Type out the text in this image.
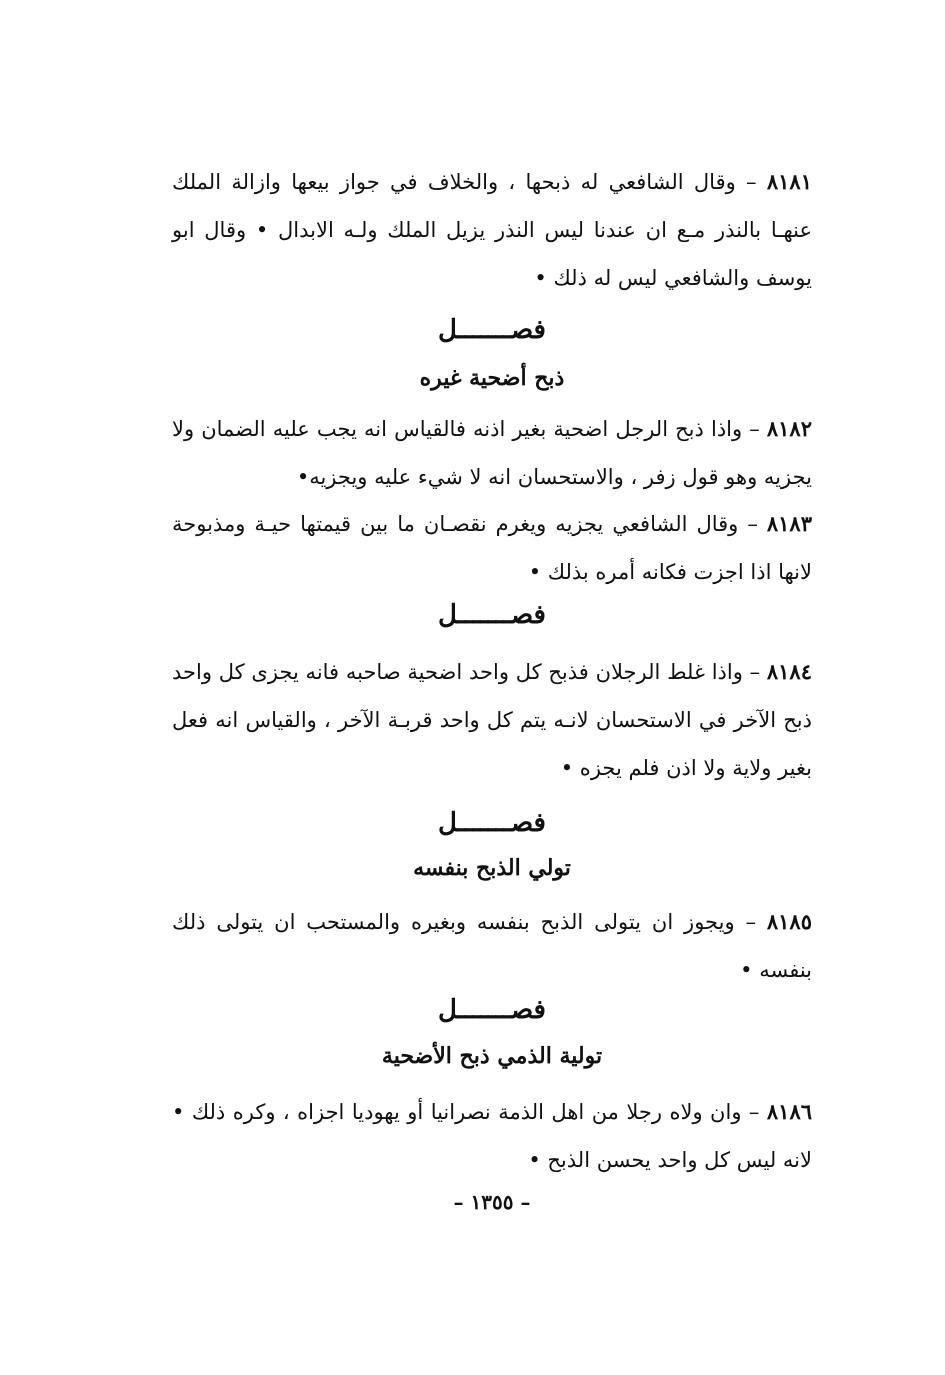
٨١٨١ – وقال الشافعي له ذبحها ، والخلاف في جواز بيعها وازالة الملك عنهـا بالنذر مـع ان عندنا ليس النذر يزيل الملك ولـه الابدال • وقال ابو يوسف والشافعي ليس له ذلك •

فصـــــــل
ذبح أضحية غيره

٨١٨٢ – واذا ذبح الرجل اضحية بغير اذنه فالقياس انه يجب عليه الضمان ولا يجزيه وهو قول زفر ، والاستحسان انه لا شيء عليه ويجزيه•

٨١٨٣ – وقال الشافعي يجزيه ويغرم نقصـان ما بين قيمتها حيـة ومذبوحة لانها اذا اجزت فكانه أمره بذلك •

فصـــــــل

٨١٨٤ – واذا غلط الرجلان فذبح كل واحد اضحية صاحبه فانه يجزى كل واحد ذبح الآخر في الاستحسان لانـه يتم كل واحد قربـة الآخر ، والقياس انه فعل بغير ولاية ولا اذن فلم يجزه •

فصـــــــل
تولي الذبح بنفسه

٨١٨٥ – ويجوز ان يتولى الذبح بنفسه وبغيره والمستحب ان يتولى ذلك بنفسه •

فصـــــــل
تولية الذمي ذبح الأضحية

٨١٨٦ – وان ولاه رجلا من اهل الذمة نصرانيا أو يهوديا اجزاه ، وكره ذلك • لانه ليس كل واحد يحسن الذبح •

– ١٣٥٥ –
